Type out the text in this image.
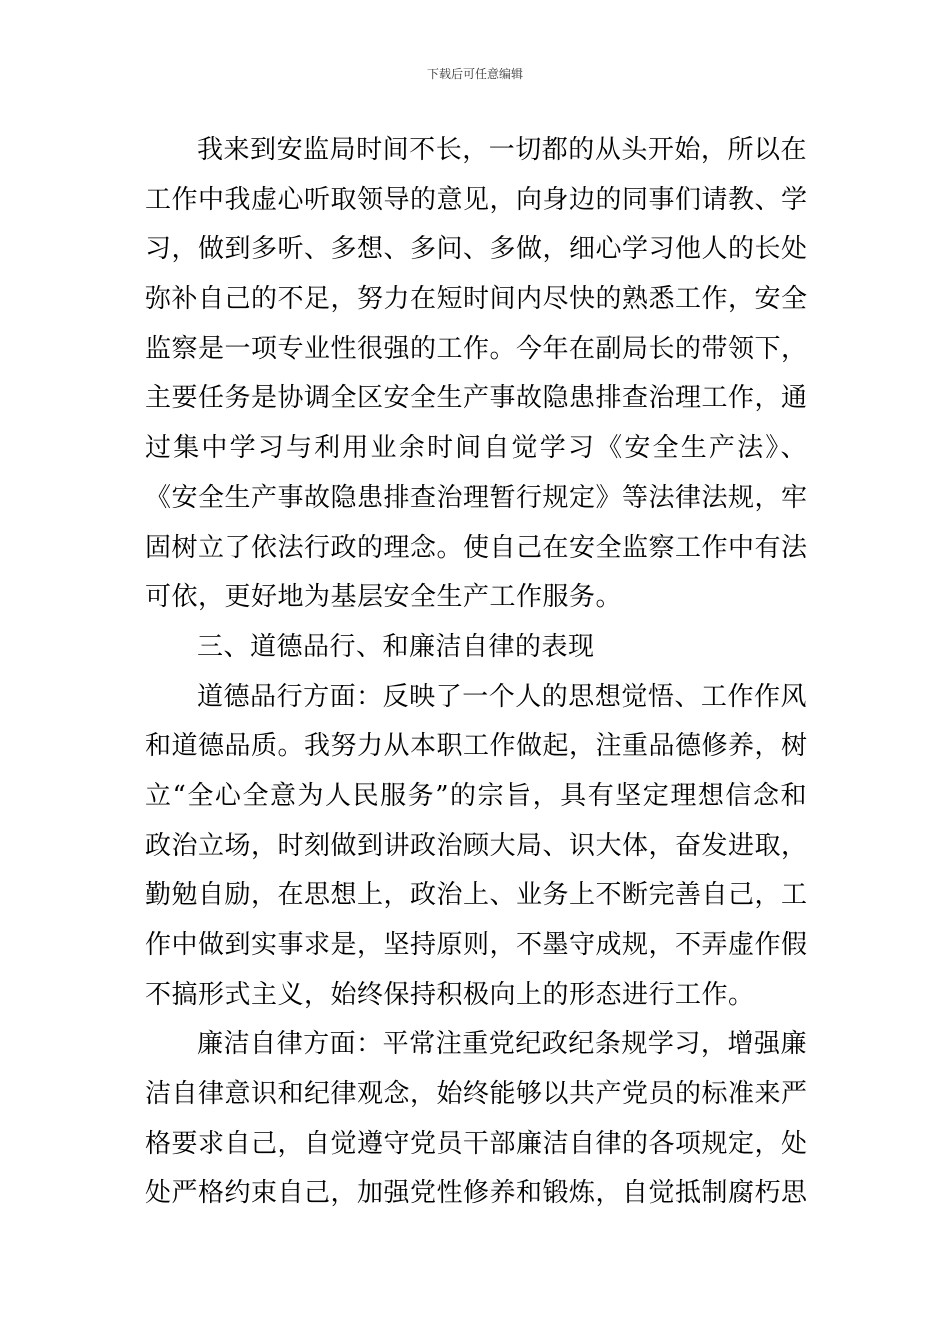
下载后可任意编辑
我来到安监局时间不长，一切都的从头开始，所以在
工作中我虚心听取领导的意见，向身边的同事们请教、学
习，做到多听、多想、多问、多做，细心学习他人的长处
弥补自己的不足，努力在短时间内尽快的熟悉工作，安全
监察是一项专业性很强的工作。今年在副局长的带领下，
主要任务是协调全区安全生产事故隐患排查治理工作，通
过集中学习与利用业余时间自觉学习《安全生产法》、
《安全生产事故隐患排查治理暂行规定》等法律法规，牢
固树立了依法行政的理念。使自己在安全监察工作中有法
可依，更好地为基层安全生产工作服务。
三、道德品行、和廉洁自律的表现
道德品行方面：反映了一个人的思想觉悟、工作作风
和道德品质。我努力从本职工作做起，注重品德修养，树
立“全心全意为人民服务”的宗旨，具有坚定理想信念和
政治立场，时刻做到讲政治顾大局、识大体，奋发进取，
勤勉自励，在思想上，政治上、业务上不断完善自己，工
作中做到实事求是，坚持原则，不墨守成规，不弄虚作假
不搞形式主义，始终保持积极向上的形态进行工作。
廉洁自律方面：平常注重党纪政纪条规学习，增强廉
洁自律意识和纪律观念，始终能够以共产党员的标准来严
格要求自己，自觉遵守党员干部廉洁自律的各项规定，处
处严格约束自己，加强党性修养和锻炼，自觉抵制腐朽思
